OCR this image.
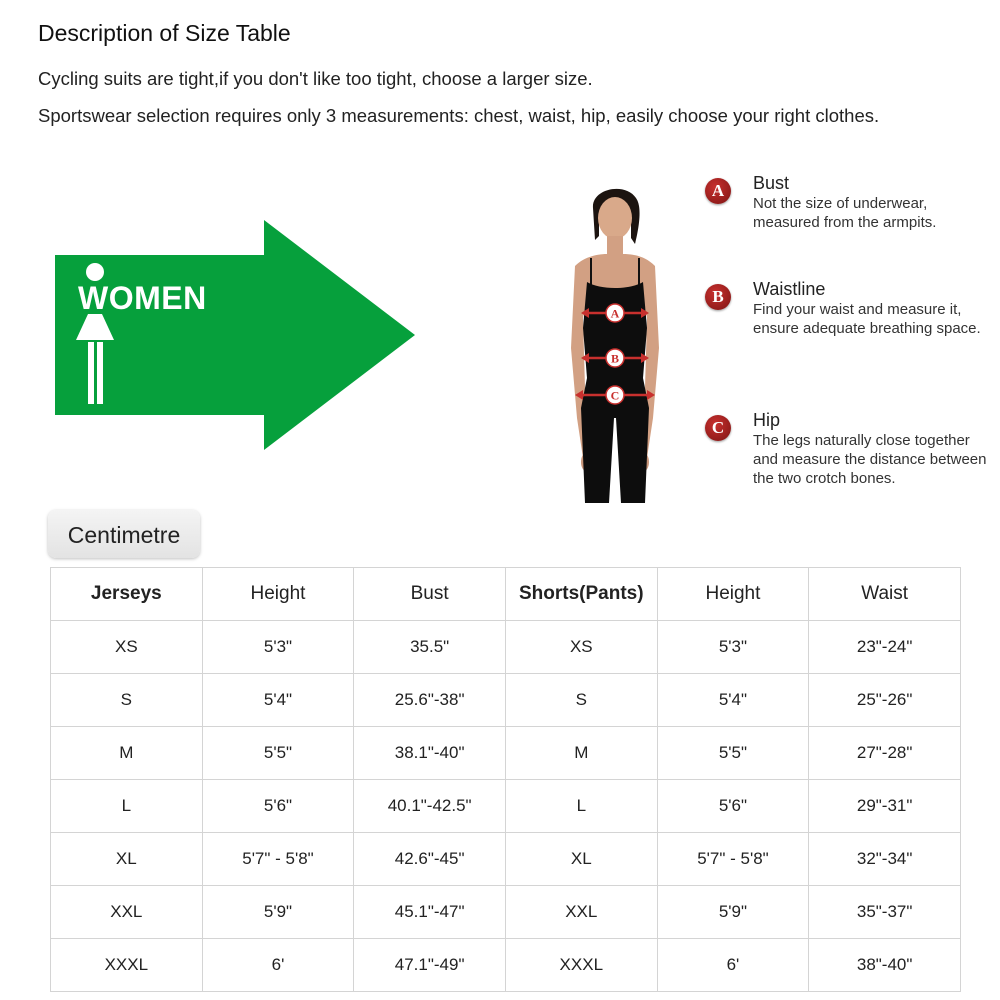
Description of Size Table
Cycling suits are tight,if you don't like too tight, choose a larger size.
Sportswear selection requires only 3 measurements: chest, waist, hip, easily choose your right clothes.
WOMEN	A
B
C
A	Bust
Not the size of underwear, measured from the armpits.
B	Waistline
Find your waist and measure it, ensure adequate breathing space.
C	Hip
The legs naturally close together and measure the distance between the two crotch bones.
Centimetre
Jerseys	Height	Bust	Shorts(Pants)	Height	Waist
XS	5'3"	35.5"	XS	5'3"	23"-24"
S	5'4"	25.6"-38"	S	5'4"	25"-26"
M	5'5"	38.1"-40"	M	5'5"	27"-28"
L	5'6"	40.1"-42.5"	L	5'6"	29"-31"
XL	5'7" - 5'8"	42.6"-45"	XL	5'7" - 5'8"	32"-34"
XXL	5'9"	45.1"-47"	XXL	5'9"	35"-37"
XXXL	6'	47.1"-49"	XXXL	6'	38"-40"
